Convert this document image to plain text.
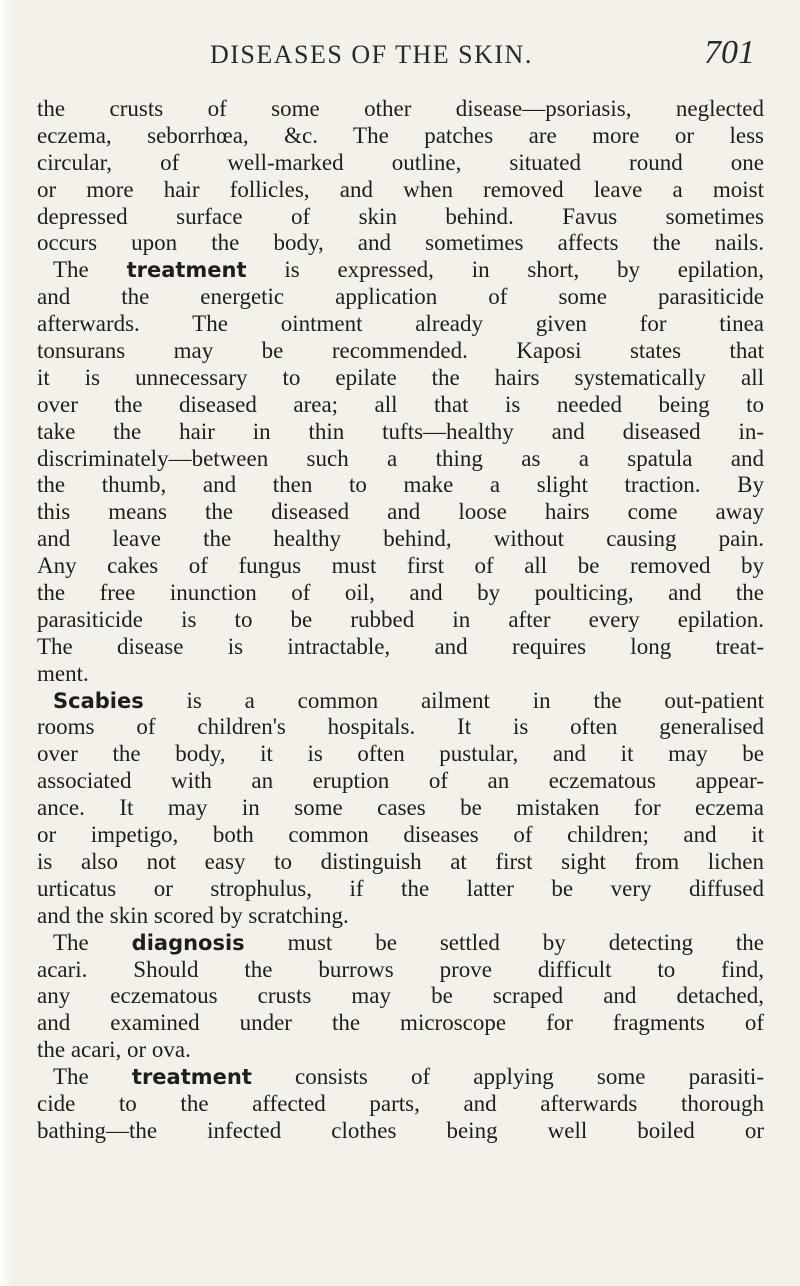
DISEASES OF THE SKIN.	701
the crusts of some other disease—psoriasis, neglected
eczema, seborrhœa, &c. The patches are more or less
circular, of well-marked outline, situated round one
or more hair follicles, and when removed leave a moist
depressed surface of skin behind. Favus sometimes
occurs upon the body, and sometimes affects the nails.
The treatment is expressed, in short, by epilation,
and the energetic application of some parasiticide
afterwards. The ointment already given for tinea
tonsurans may be recommended. Kaposi states that
it is unnecessary to epilate the hairs systematically all
over the diseased area; all that is needed being to
take the hair in thin tufts—healthy and diseased in-
discriminately—between such a thing as a spatula and
the thumb, and then to make a slight traction. By
this means the diseased and loose hairs come away
and leave the healthy behind, without causing pain.
Any cakes of fungus must first of all be removed by
the free inunction of oil, and by poulticing, and the
parasiticide is to be rubbed in after every epilation.
The disease is intractable, and requires long treat-
ment.
Scabies is a common ailment in the out-patient
rooms of children's hospitals. It is often generalised
over the body, it is often pustular, and it may be
associated with an eruption of an eczematous appear-
ance. It may in some cases be mistaken for eczema
or impetigo, both common diseases of children; and it
is also not easy to distinguish at first sight from lichen
urticatus or strophulus, if the latter be very diffused
and the skin scored by scratching.
The diagnosis must be settled by detecting the
acari. Should the burrows prove difficult to find,
any eczematous crusts may be scraped and detached,
and examined under the microscope for fragments of
the acari, or ova.
The treatment consists of applying some parasiti-
cide to the affected parts, and afterwards thorough
bathing—the infected clothes being well boiled or
